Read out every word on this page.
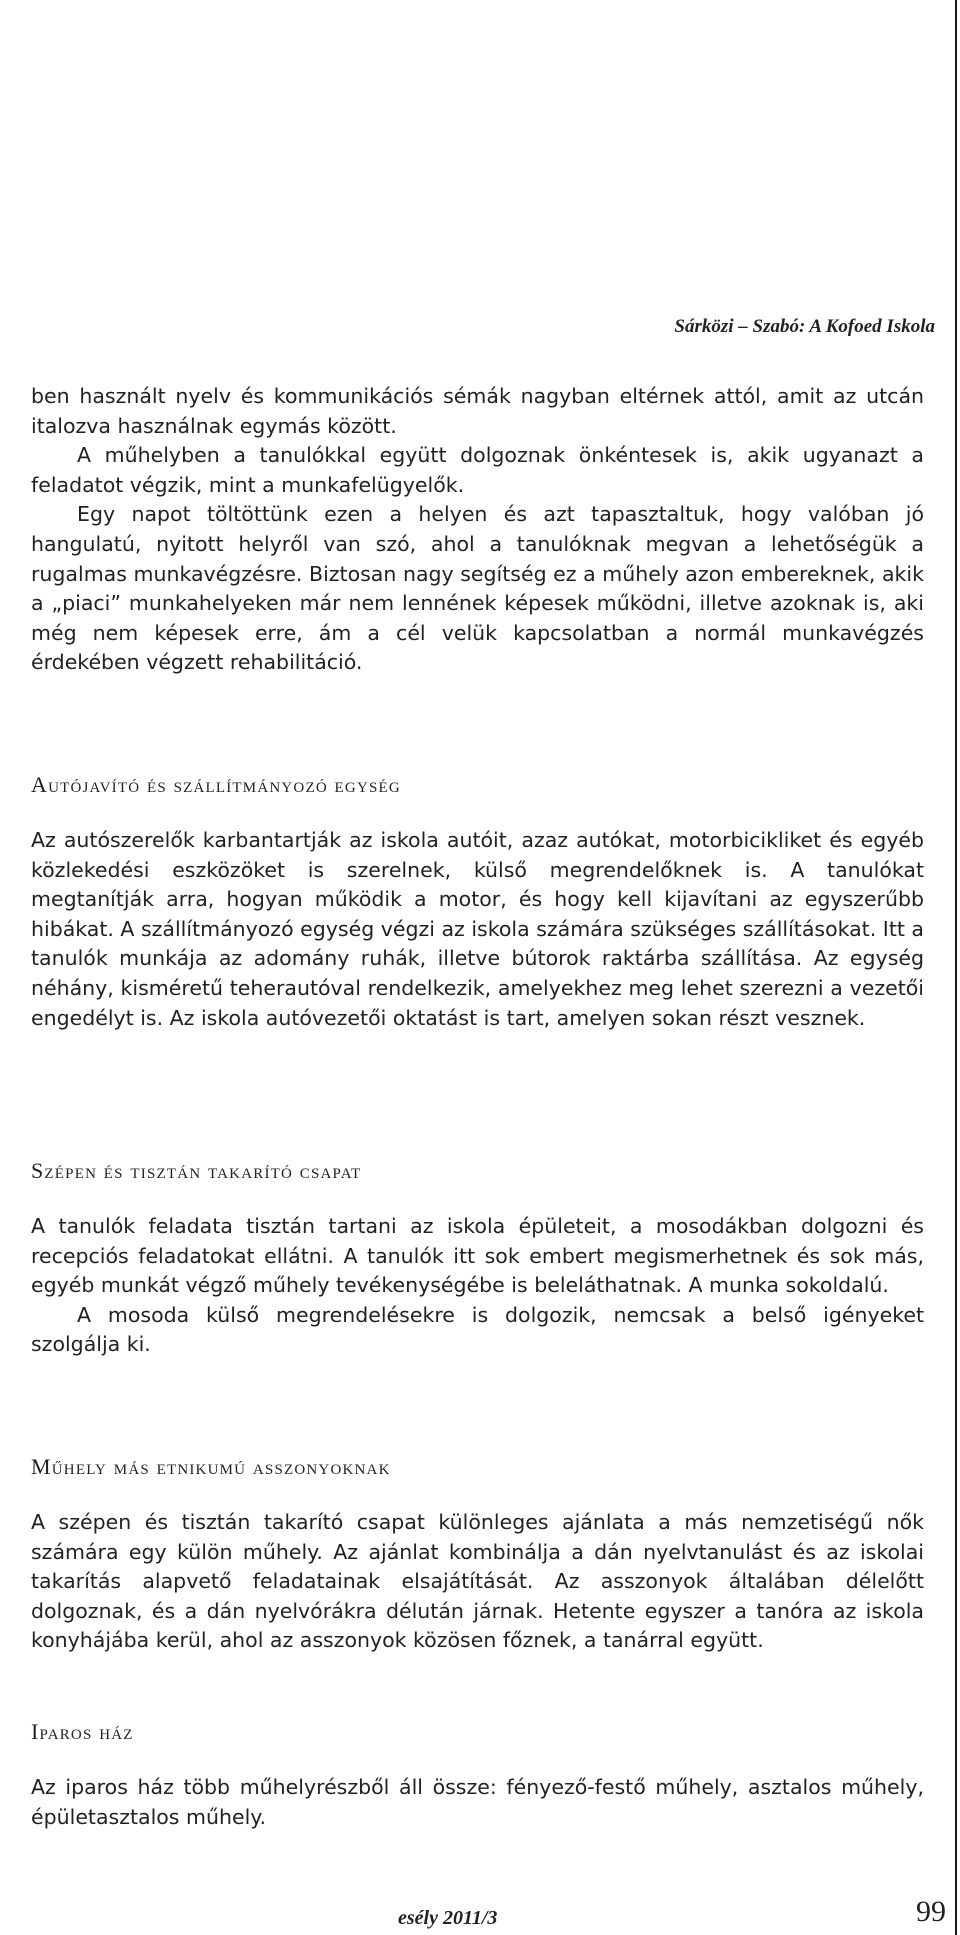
Sárközi – Szabó: A Kofoed Iskola

ben használt nyelv és kommunikációs sémák nagyban eltérnek attól, amit az utcán italozva használnak egymás között.

A műhelyben a tanulókkal együtt dolgoznak önkéntesek is, akik ugyanazt a feladatot végzik, mint a munkafelügyelők.

Egy napot töltöttünk ezen a helyen és azt tapasztaltuk, hogy valóban jó hangulatú, nyitott helyről van szó, ahol a tanulóknak megvan a lehetőségük a rugalmas munkavégzésre. Biztosan nagy segítség ez a műhely azon embereknek, akik a „piaci” munkahelyeken már nem lennének képesek működni, illetve azoknak is, aki még nem képesek erre, ám a cél velük kapcsolatban a normál munkavégzés érdekében végzett rehabilitáció.

Autójavító és szállítmányozó egység

Az autószerelők karbantartják az iskola autóit, azaz autókat, motorbicikliket és egyéb közlekedési eszközöket is szerelnek, külső megrendelőknek is. A tanulókat megtanítják arra, hogyan működik a motor, és hogy kell kijavítani az egyszerűbb hibákat. A szállítmányozó egység végzi az iskola számára szükséges szállításokat. Itt a tanulók munkája az adomány ruhák, illetve bútorok raktárba szállítása. Az egység néhány, kisméretű teherautóval rendelkezik, amelyekhez meg lehet szerezni a vezetői engedélyt is. Az iskola autóvezetői oktatást is tart, amelyen sokan részt vesznek.

Szépen és tisztán takarító csapat

A tanulók feladata tisztán tartani az iskola épületeit, a mosodákban dolgozni és recepciós feladatokat ellátni. A tanulók itt sok embert megismerhetnek és sok más, egyéb munkát végző műhely tevékenységébe is beleláthatnak. A munka sokoldalú.

A mosoda külső megrendelésekre is dolgozik, nemcsak a belső igényeket szolgálja ki.

Műhely más etnikumú asszonyoknak

A szépen és tisztán takarító csapat különleges ajánlata a más nemzetiségű nők számára egy külön műhely. Az ajánlat kombinálja a dán nyelvtanulást és az iskolai takarítás alapvető feladatainak elsajátítását. Az asszonyok általában délelőtt dolgoznak, és a dán nyelvórákra délután járnak. Hetente egyszer a tanóra az iskola konyhájába kerül, ahol az asszonyok közösen főznek, a tanárral együtt.

Iparos ház

Az iparos ház több műhelyrészből áll össze: fényező-festő műhely, asztalos műhely, épületasztalos műhely.

esély 2011/3	99
